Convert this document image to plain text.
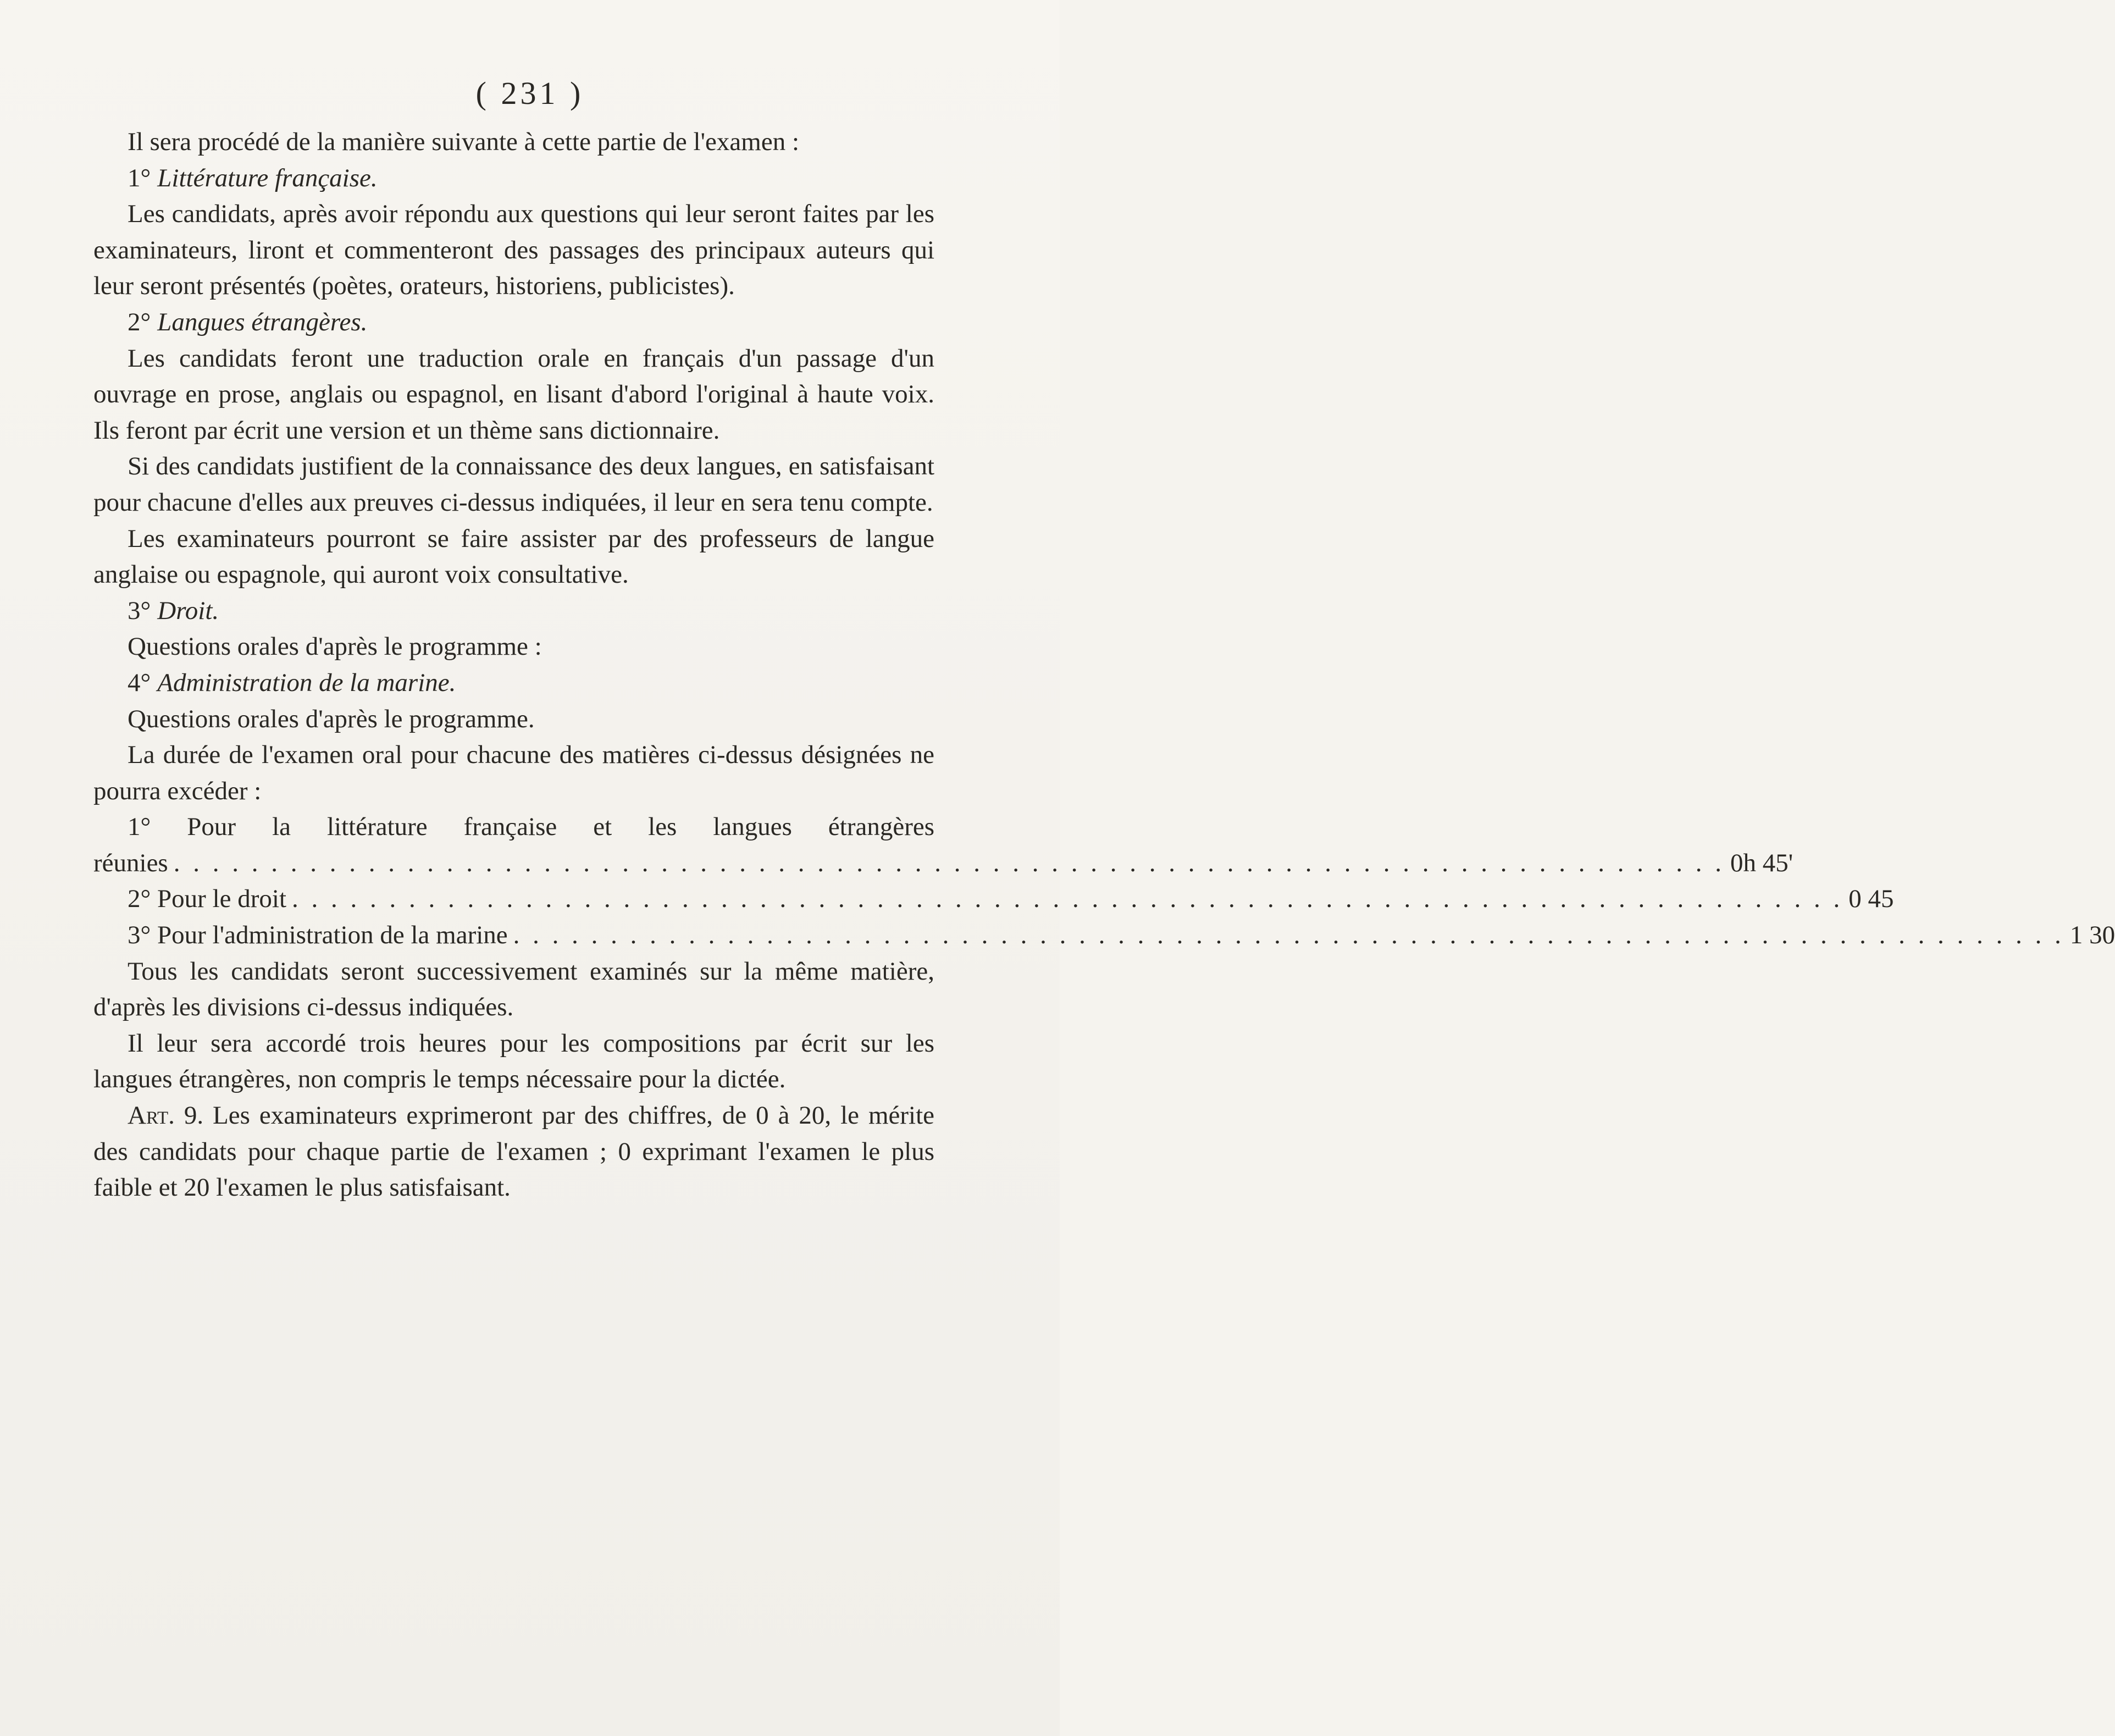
( 231 )

Il sera procédé de la manière suivante à cette partie de l'examen :

1° Littérature française.

Les candidats, après avoir répondu aux questions qui leur seront faites par les examinateurs, liront et commenteront des passages des principaux auteurs qui leur seront présentés (poètes, orateurs, historiens, publicistes).

2° Langues étrangères.

Les candidats feront une traduction orale en français d'un passage d'un ouvrage en prose, anglais ou espagnol, en lisant d'abord l'original à haute voix. Ils feront par écrit une version et un thème sans dictionnaire.

Si des candidats justifient de la connaissance des deux langues, en satisfaisant pour chacune d'elles aux preuves ci-dessus indiquées, il leur en sera tenu compte.

Les examinateurs pourront se faire assister par des professeurs de langue anglaise ou espagnole, qui auront voix consultative.

3° Droit.

Questions orales d'après le programme :

4° Administration de la marine.

Questions orales d'après le programme.

La durée de l'examen oral pour chacune des matières ci-dessus désignées ne pourra excéder :

1° Pour la littérature française et les langues étrangères

réunies . . . . . . . . . . . . . . . . . . . . . . . . . . . . . . . . . . . . . . . . . . . . . . . . . . . . . . . . . . . . . . . . . . . . . . . . . . . . . . . . 0h 45'
2° Pour le droit . . . . . . . . . . . . . . . . . . . . . . . . . . . . . . . . . . . . . . . . . . . . . . . . . . . . . . . . . . . . . . . . . . . . . . . . . . . . . . . . 0 45
3° Pour l'administration de la marine . . . . . . . . . . . . . . . . . . . . . . . . . . . . . . . . . . . . . . . . . . . . . . . . . . . . . . . . . . . . . . . . . . . . . . . . . . . . . . . . 1 30

Tous les candidats seront successivement examinés sur la même matière, d'après les divisions ci-dessus indiquées.

Il leur sera accordé trois heures pour les compositions par écrit sur les langues étrangères, non compris le temps nécessaire pour la dictée.

Art. 9. Les examinateurs exprimeront par des chiffres, de 0 à 20, le mérite des candidats pour chaque partie de l'examen ; 0 exprimant l'examen le plus faible et 20 l'examen le plus satisfaisant.
